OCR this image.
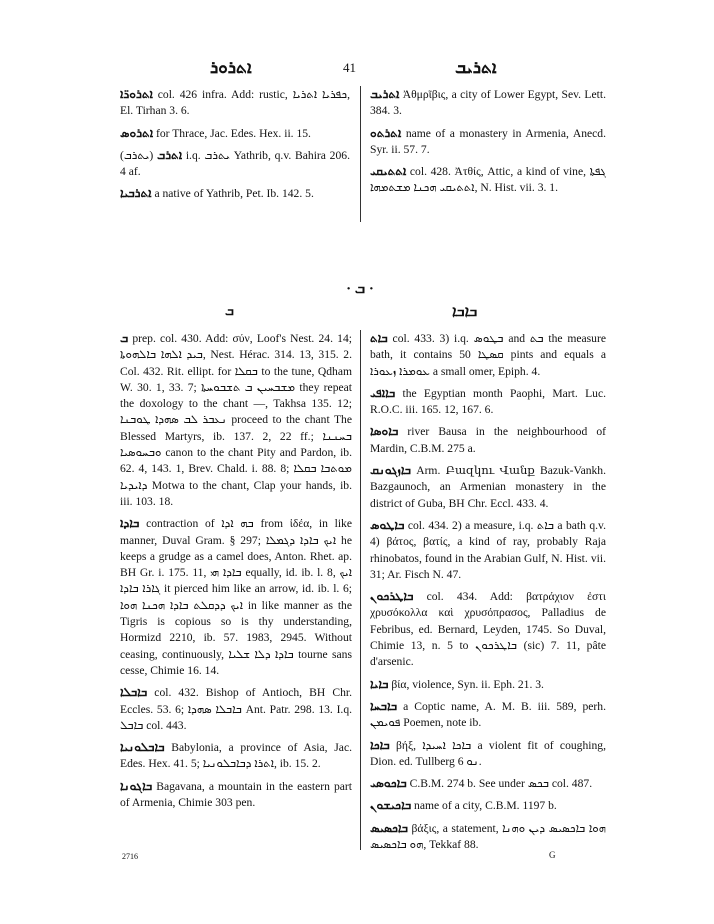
ܐܬܪܘܪ	41	ܐܬܪܝܒ

ܐܬܪܘܪ̈ܐ col. 426 infra. Add: rustic, ܟܦܪܝܐ ܐܬܪܝܐ, El. Tirhan 3. 6.

ܐܬܪܘܣ for Thrace, Jac. Edes. Hex. ii. 15.

ܐܬܪܒ (ܝܬܪܒ) i.q. ܝܬܪܒ Yathrib, q.v. Bahira 206. 4 af.

ܐܬܪܒܝܐ a native of Yathrib, Pet. Ib. 142. 5.

ܐܬܪܝܒ Ἀθμρῖβις, a city of Lower Egypt, Sev. Lett. 384. 3.

ܐܬܪܬܘ name of a monastery in Armenia, Anecd. Syr. ii. 57. 7.

ܐܬܬܝܩܝ col. 428. Ἀτθίς, Attic, a kind of vine, ܓܦܬܐ ܐܬܬܝܩܝ ܗܟܢܐ ܡܫܬܡܗܐ, N. Hist. vii. 3. 1.

· ܒ ·
ܒ	ܒܐܒܐ

ܒ prep. col. 430. Add: σύν, Loof's Nest. 24. 14; ܒܝܕ ܐܠܗܐ ܒܐܠܗܘܬܐ, Nest. Hérac. 314. 13, 315. 2. Col. 432. Rit. ellipt. for ܒܩܠܐ to the tune, Qdham W. 30. 1, 33. 7; ܡܫܒܚܝܢ ܒ ܬܫܒܘܚܬܐ they repeat the doxology to the chant —, Takhsa 135. 12; ܢܥܒܪ ܠܒ ܣܗܕܐ ܛܘܒܢܐ proceed to the chant The Blessed Martyrs, ib. 137. 2, 22 ff.; ܒܚܢܢܐ ܘܒܚܘܣܝܐ canon to the chant Pity and Pardon, ib. 62. 4, 143. 1, Brev. Chald. i. 88. 8; ܡܘܬܒܐ ܒܩܠܐ ܕܐܝܕܝܐ Motwa to the chant, Clap your hands, ib. iii. 103. 18.

ܒܐܕܐ contraction of ܒܗ ܐܕܐ from ἰδέα, in like manner, Duval Gram. § 297; ܐܝܟ ܒܐܕܐ ܕܓܡܠܐ he keeps a grudge as a camel does, Anton. Rhet. ap. BH Gr. i. 175. 11, ܒܐܕܐ ܗܝ equally, id. ib. l. 8, ܐܝܟ ܓܐܪܐ ܒܐܕܐ it pierced him like an arrow, id. ib. l. 6; ܐܝܟ ܕܕܩܠܬ ܒܐܕܐ ܗܟܢܐ ܗܘܐ in like manner as the Tigris is copious so is thy understanding, Hormizd 2210, ib. 57. 1983, 2945. Without ceasing, continuously, ܒܐܕܐ ܕܠܐ ܫܠܝܐ tourne sans cesse, Chimie 16. 14.

ܒܐܒܠܐ col. 432. Bishop of Antioch, BH Chr. Eccles. 53. 6; ܒܐܒܠܐ ܣܗܕܐ Ant. Patr. 298. 13. I.q. ܒܐܒܠ col. 443.

ܒܐܒܠܘܢܝܐ Babylonia, a province of Asia, Jac. Edes. Hex. 41. 5; ܐܬܪܐ ܕܒܐܒܠܘܢܝܐ, ib. 15. 2.

ܒܐܓܘܢܐ Bagavana, a mountain in the eastern part of Armenia, Chimie 303 pen.

ܒܐܬ col. 433. 3) i.q. ܒܛܘܣ and ܒܬ the measure bath, it contains 50 ܩܣܛܐ pints and equals a ܥܘܡܪܐ ܙܥܘܪܐ a small omer, Epiph. 4.

ܒܐܐܦܝ the Egyptian month Paophi, Mart. Luc. R.O.C. iii. 165. 12, 167. 6.

ܒܐܘܣܐ river Bausa in the neighbourhood of Mardin, C.B.M. 275 a.

ܒܐܙܓܘܢܩ Arm. Բազկու Վանք Bazuk-Vankh. Bazgaunoch, an Armenian monastery in the district of Guba, BH Chr. Eccl. 433. 4.

ܒܐܛܘܣ col. 434. 2) a measure, i.q. ܒܐܬ a bath q.v. 4) βάτος, βατίς, a kind of ray, probably Raja rhinobatos, found in the Arabian Gulf, N. Hist. vii. 31; Ar. Fisch N. 47.

ܒܐܛܪܟܘܢ col. 434. Add: βατράχιον ἐστι χρυσόκολλα καὶ χρυσόπρασος, Palladius de Febribus, ed. Bernard, Leyden, 1745. So Duval, Chimie 13, n. 5 to ܒܐܛܪܟܘܢ (sic) 7. 11, pâte d'arsenic.

ܒܐܝܐ βία, violence, Syn. ii. Eph. 21. 3.

ܒܐܒܚܐ a Coptic name, A. M. B. iii. 589, perh. ܦܘܝܡܢ Poemen, note ib.

ܒܐܟܐ βήξ, ܒܐܟܐ ܐܚܝܕܐ a violent fit of coughing, Dion. ed. Tullberg ܢܘ 6.

ܒܐܟܘܣܝ C.B.M. 274 b. See under ܒܟܣ col. 487.

ܒܐܟܝܫܘܢ name of a city, C.B.M. 1197 b.

ܒܐܟܣܝܣ βάξις, a statement, ܗܘܐ ܒܐܟܣܝܣ ܕܝܢ ܘܗܢܐ ܗܘ ܒܐܟܣܝܣ, Tekkaf 88.

2716	G
